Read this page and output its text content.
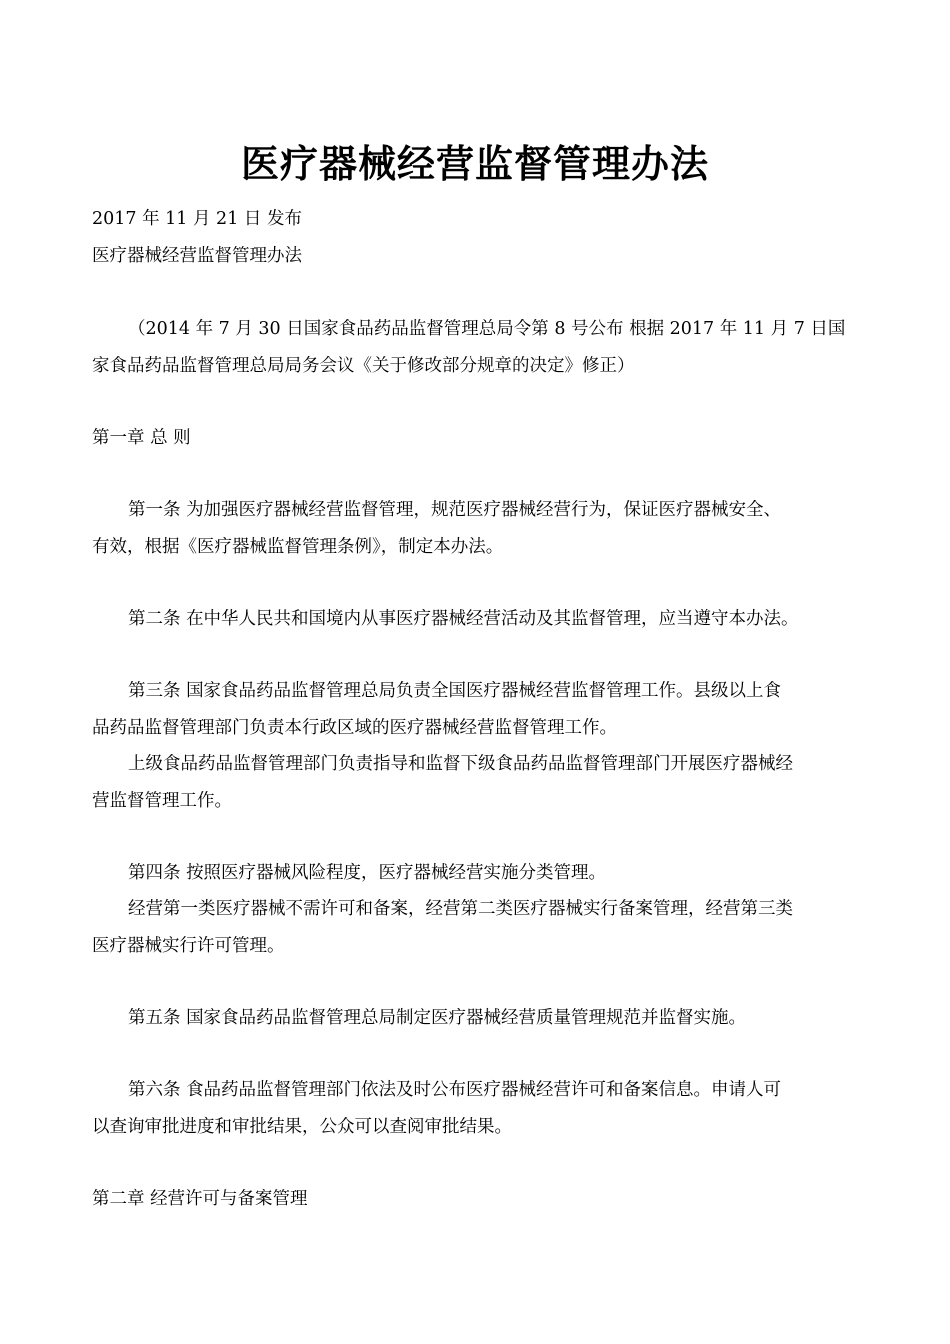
医疗器械经营监督管理办法
2017 年 11 月 21 日 发布
医疗器械经营监督管理办法
（2014 年 7 月 30 日国家食品药品监督管理总局令第 8 号公布 根据 2017 年 11 月 7 日国
家食品药品监督管理总局局务会议《关于修改部分规章的决定》修正）
第一章 总 则
第一条 为加强医疗器械经营监督管理，规范医疗器械经营行为，保证医疗器械安全、
有效，根据《医疗器械监督管理条例》，制定本办法。
第二条 在中华人民共和国境内从事医疗器械经营活动及其监督管理，应当遵守本办法。
第三条 国家食品药品监督管理总局负责全国医疗器械经营监督管理工作。县级以上食
品药品监督管理部门负责本行政区域的医疗器械经营监督管理工作。
上级食品药品监督管理部门负责指导和监督下级食品药品监督管理部门开展医疗器械经
营监督管理工作。
第四条 按照医疗器械风险程度，医疗器械经营实施分类管理。
经营第一类医疗器械不需许可和备案，经营第二类医疗器械实行备案管理，经营第三类
医疗器械实行许可管理。
第五条 国家食品药品监督管理总局制定医疗器械经营质量管理规范并监督实施。
第六条 食品药品监督管理部门依法及时公布医疗器械经营许可和备案信息。申请人可
以查询审批进度和审批结果，公众可以查阅审批结果。
第二章 经营许可与备案管理
